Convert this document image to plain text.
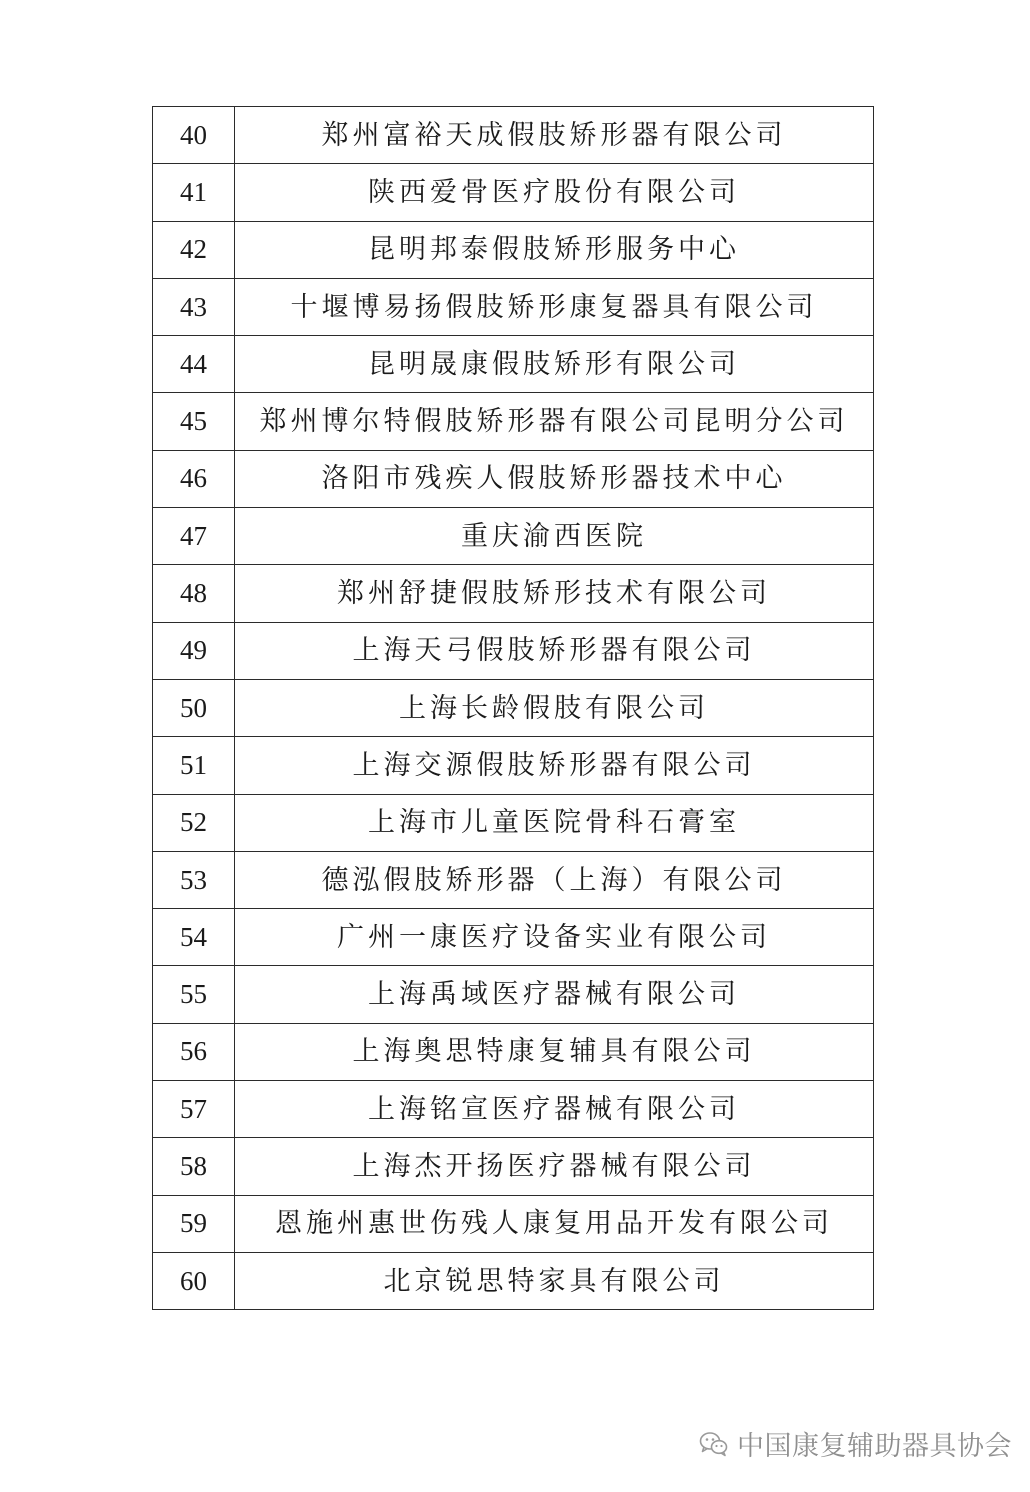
40	郑州富裕天成假肢矫形器有限公司
41	陕西爱骨医疗股份有限公司
42	昆明邦泰假肢矫形服务中心
43	十堰博易扬假肢矫形康复器具有限公司
44	昆明晟康假肢矫形有限公司
45	郑州博尔特假肢矫形器有限公司昆明分公司
46	洛阳市残疾人假肢矫形器技术中心
47	重庆渝西医院
48	郑州舒捷假肢矫形技术有限公司
49	上海天弓假肢矫形器有限公司
50	上海长龄假肢有限公司
51	上海交源假肢矫形器有限公司
52	上海市儿童医院骨科石膏室
53	德泓假肢矫形器（上海）有限公司
54	广州一康医疗设备实业有限公司
55	上海禹域医疗器械有限公司
56	上海奥思特康复辅具有限公司
57	上海铭宣医疗器械有限公司
58	上海杰开扬医疗器械有限公司
59	恩施州惠世伤残人康复用品开发有限公司
60	北京锐思特家具有限公司
中国康复辅助器具协会
